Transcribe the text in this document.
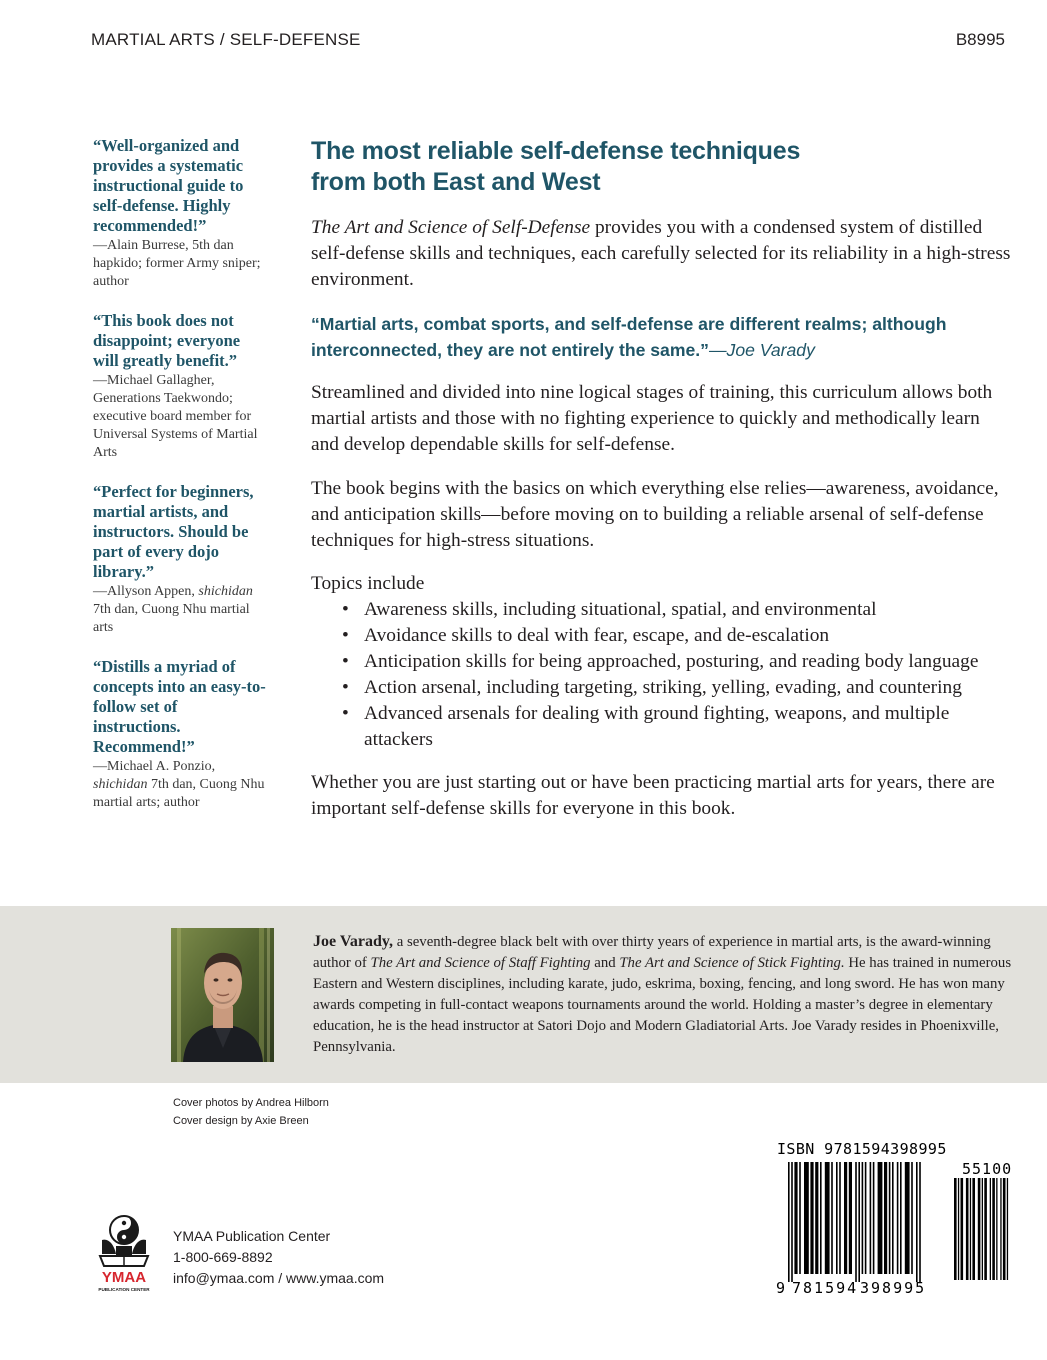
MARTIAL ARTS / SELF-DEFENSE	B8995
“Well-organized and provides a systematic instructional guide to self-defense. Highly recommended!”
—Alain Burrese, 5th dan hapkido; former Army sniper; author
“This book does not disappoint; everyone will greatly benefit.”
—Michael Gallagher, Generations Taekwondo; executive board member for Universal Systems of Martial Arts
“Perfect for beginners, martial artists, and instructors. Should be part of every dojo library.”
—Allyson Appen, shichidan 7th dan, Cuong Nhu martial arts
“Distills a myriad of concepts into an easy-to-follow set of instructions. Recommend!”
—Michael A. Ponzio, shichidan 7th dan, Cuong Nhu martial arts; author
The most reliable self-defense techniques
from both East and West

The Art and Science of Self-Defense provides you with a condensed system of distilled self-defense skills and techniques, each carefully selected for its reliability in a high-stress environment.

“Martial arts, combat sports, and self-defense are different realms; although interconnected, they are not entirely the same.”—Joe Varady

Streamlined and divided into nine logical stages of training, this curriculum allows both martial artists and those with no fighting experience to quickly and methodically learn and develop dependable skills for self-defense.

The book begins with the basics on which everything else relies—awareness, avoidance, and anticipation skills—before moving on to building a reliable arsenal of self-defense techniques for high-stress situations.

Topics include
• Awareness skills, including situational, spatial, and environmental
• Avoidance skills to deal with fear, escape, and de-escalation
• Anticipation skills for being approached, posturing, and reading body language
• Action arsenal, including targeting, striking, yelling, evading, and countering
• Advanced arsenals for dealing with ground fighting, weapons, and multiple attackers

Whether you are just starting out or have been practicing martial arts for years, there are important self-defense skills for everyone in this book.

Joe Varady, a seventh-degree black belt with over thirty years of experience in martial arts, is the award-winning author of The Art and Science of Staff Fighting and The Art and Science of Stick Fighting. He has trained in numerous Eastern and Western disciplines, including karate, judo, eskrima, boxing, fencing, and long sword. He has won many awards competing in full-contact weapons tournaments around the world. Holding a master’s degree in elementary education, he is the head instructor at Satori Dojo and Modern Gladiatorial Arts. Joe Varady resides in Phoenixville, Pennsylvania.
Cover photos by Andrea Hilborn
Cover design by Axie Breen
YMAA
PUBLICATION CENTER
YMAA Publication Center
1-800-669-8892
info@ymaa.com / www.ymaa.com
ISBN 9781594398995
9 781594 398995
55100
